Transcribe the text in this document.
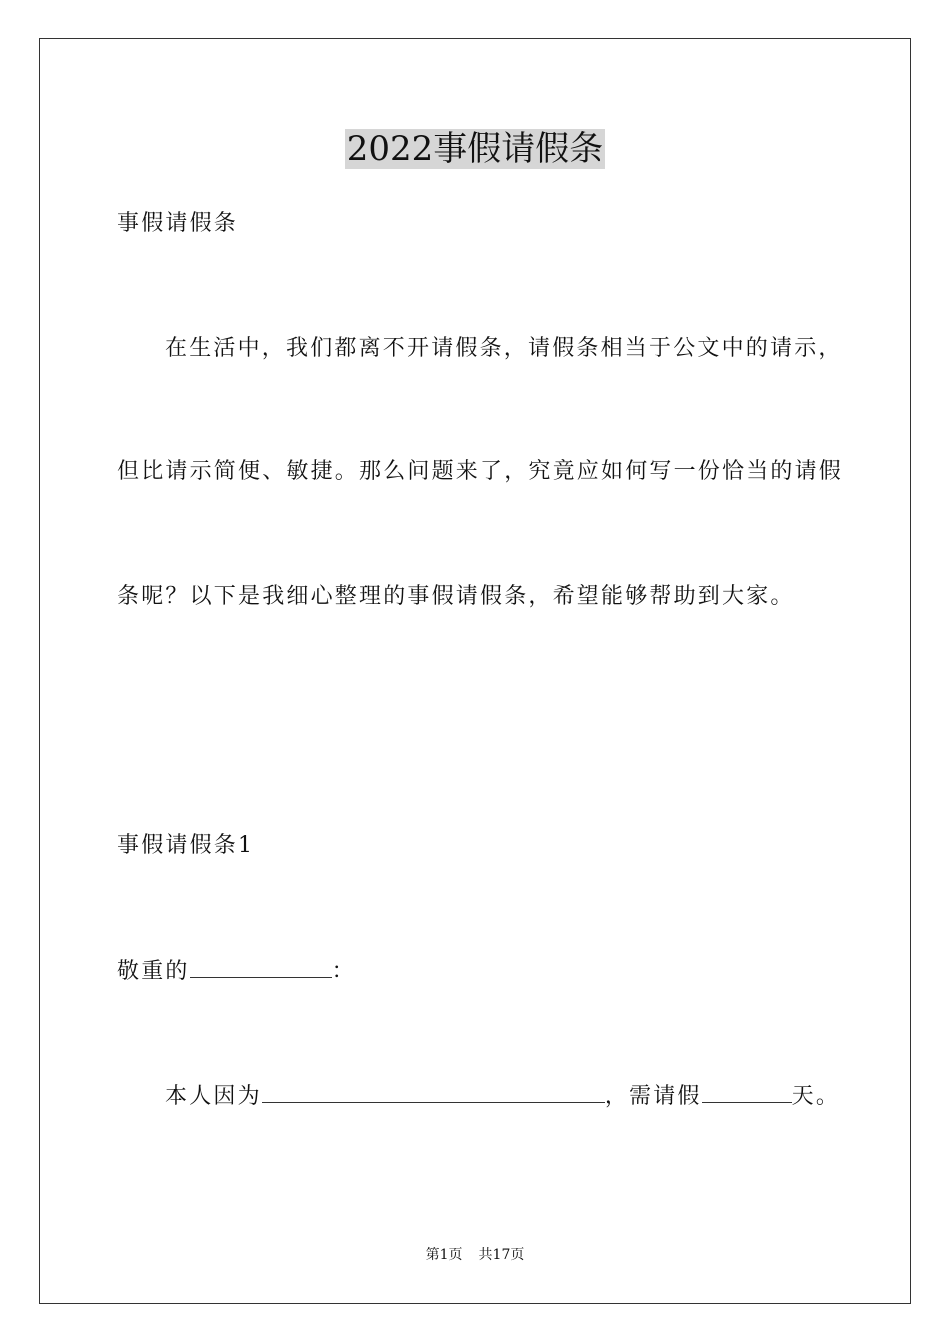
2022事假请假条
事假请假条
在生活中，我们都离不开请假条，请假条相当于公文中的请示，
但比请示简便、敏捷。那么问题来了，究竟应如何写一份恰当的请假
条呢？以下是我细心整理的事假请假条，希望能够帮助到大家。
事假请假条1
敬重的	：
本人因为	，需请假	天。
第1页 共17页
